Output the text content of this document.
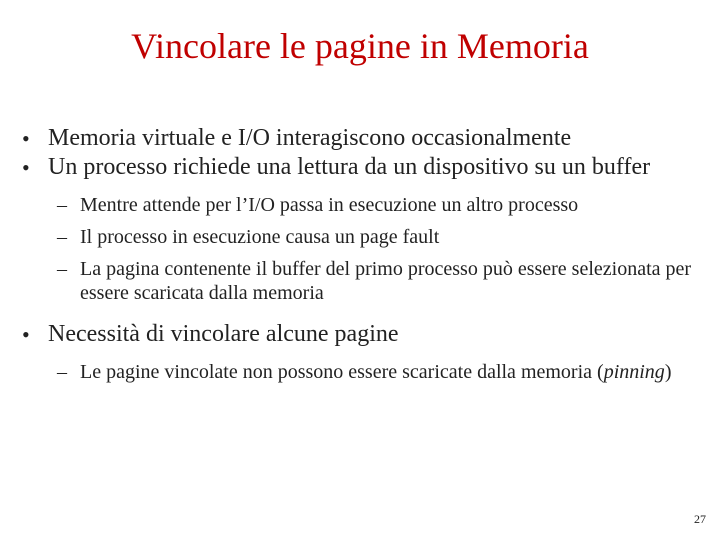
Vincolare le pagine in Memoria
• Memoria virtuale e I/O interagiscono occasionalmente
• Un processo richiede una lettura da un dispositivo su un buffer
– Mentre attende per l’I/O passa in esecuzione un altro processo
– Il processo in esecuzione causa un page fault
– La pagina contenente il buffer del primo processo può essere selezionata per essere scaricata dalla memoria
• Necessità di vincolare alcune pagine
– Le pagine vincolate non possono essere scaricate dalla memoria (pinning)
27
